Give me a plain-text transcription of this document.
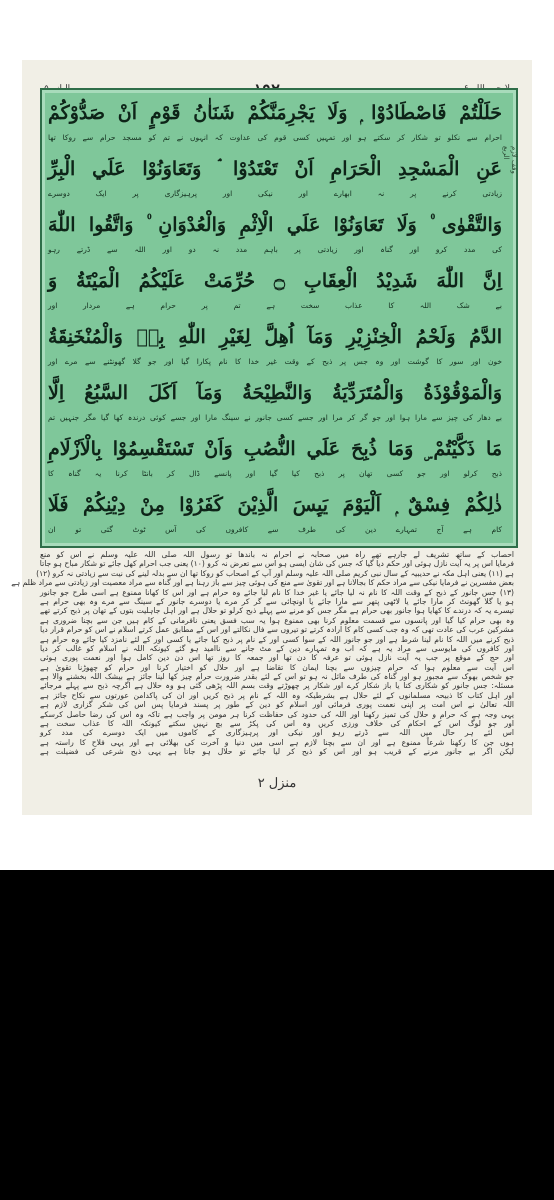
حَلَلْتُمْ فَاصْطَادُوْا ۭ وَلَا يَجْرِمَنَّكُمْ شَنَاٰنُ قَوْمٍ اَنْ صَدُّوْكُمْ
احرام سے نکلو تو شکار کر سکتے ہو اور تمہیں کسی قوم کی عداوت کہ انہوں نے تم کو مسجد حرام سے روکا تھا
عَنِ الْمَسْجِدِ الْحَرَامِ اَنْ تَعْتَدُوْا ۘ وَتَعَاوَنُوْا عَلَي الْبِرِّ
زیادتی کرنے پر نہ ابھارے اور نیکی اور پرہیزگاری پر ایک دوسرے
وَالتَّقْوٰى ۠ وَلَا تَعَاوَنُوْا عَلَي الْاِثْمِ وَالْعُدْوَانِ ۠ وَاتَّقُوا اللّٰهَ
کی مدد کرو اور گناہ اور زیادتی پر باہم مدد نہ دو اور اللہ سے ڈرتے رہو
اِنَّ اللّٰهَ شَدِيْدُ الْعِقَابِ ۝ حُرِّمَتْ عَلَيْكُمُ الْمَيْتَةُ وَ
بے شک اللہ کا عذاب سخت ہے تم پر حرام ہے مردار اور
الدَّمُ وَلَحْمُ الْخِنْزِيْرِ وَمَآ اُهِلَّ لِغَيْرِ اللّٰهِ بِهٖ وَالْمُنْخَنِقَةُ
خون اور سور کا گوشت اور وہ جس پر ذبح کے وقت غیر خدا کا نام پکارا گیا اور جو گلا گھونٹنے سے مرے اور
وَالْمَوْقُوْذَةُ وَالْمُتَرَدِّيَةُ وَالنَّطِيْحَةُ وَمَآ اَكَلَ السَّبُعُ اِلَّا
بے دھار کی چیز سے مارا ہوا اور جو گر کر مرا اور جسے کسی جانور نے سینگ مارا اور جسے کوئی درندہ کھا گیا مگر جنہیں تم
مَا ذَكَّيْتُمْ ۣ وَمَا ذُبِحَ عَلَي النُّصُبِ وَاَنْ تَسْتَقْسِمُوْا بِالْاَزْلَامِ
ذبح کرلو اور جو کسی تھان پر ذبح کیا گیا اور پانسے ڈال کر بانٹا کرنا یہ گناہ کا
ذٰلِكُمْ فِسْقٌ ۭ اَلْيَوْمَ يَىِٕسَ الَّذِيْنَ كَفَرُوْا مِنْ دِيْنِكُمْ فَلَا
کام ہے آج تمہارے دین کی طرف سے کافروں کی آس ٹوٹ گئی تو ان
وقف لازم
الربع
احصاب کے ساتھ تشریف لے جارہے تھے راہ میں صحابہ نے احرام نہ باندھا تو رسول اللہ صلی اللہ علیہ وسلم نے اس کو منع
فرمایا اس پر یہ آیت نازل ہوئی اور حکم دیا گیا کہ جس کی شان ایسی ہو اس سے تعرض نہ کرو (۱۰) یعنی جب احرام کھل جائے تو شکار مباح ہو جاتا
ہے (۱۱) یعنی اہل مکہ نے حدیبیہ کے سال نبی کریم صلی اللہ علیہ وسلم اور آپ کے اصحاب کو روکا تھا ان سے بدلہ لینے کی نیت سے زیادتی نہ کرو (۱۲)
بعض مفسرین نے فرمایا نیکی سے مراد حکم کا بجالانا ہے اور تقویٰ سے منع کی ہوئی چیز سے باز رہنا ہے اور گناہ سے مراد معصیت اور زیادتی سے مراد ظلم ہے
(۱۳) جس جانور کے ذبح کے وقت اللہ کا نام نہ لیا جائے یا غیر خدا کا نام لیا جائے وہ حرام ہے اور اس کا کھانا ممنوع ہے اسی طرح جو جانور
ہو یا گلا گھونٹ کر مارا جائے یا لاٹھی پتھر سے مارا جائے یا اونچائی سے گر کر مرے یا دوسرے جانور کے سینگ سے مرے وہ بھی حرام ہے
تیسرے یہ کہ درندے کا کھایا ہوا جانور بھی حرام ہے مگر جس کو مرنے سے پہلے ذبح کرلو تو حلال ہے اور اہل جاہلیت بتوں کے تھان پر ذبح کرتے تھے
وہ بھی حرام کیا گیا اور پانسوں سے قسمت معلوم کرنا بھی ممنوع ہوا یہ سب فسق یعنی نافرمانی کے کام ہیں جن سے بچنا ضروری ہے
مشرکین عرب کی عادت تھی کہ وہ جب کسی کام کا ارادہ کرتے تو تیروں سے فال نکالتے اور اس کے مطابق عمل کرتے اسلام نے اس کو حرام قرار دیا
ذبح کرنے میں اللہ کا نام لینا شرط ہے اور جو جانور اللہ کے سوا کسی اور کے نام پر ذبح کیا جائے یا کسی اور کے لئے نامزد کیا جائے وہ حرام ہے
اور کافروں کی مایوسی سے مراد یہ ہے کہ اب وہ تمہارے دین کے مٹ جانے سے ناامید ہو گئے کیونکہ اللہ نے اسلام کو غالب کر دیا
اور حج کے موقع پر جب یہ آیت نازل ہوئی تو عرفہ کا دن تھا اور جمعہ کا روز تھا اس دن دین کامل ہوا اور نعمت پوری ہوئی
اس آیت سے معلوم ہوا کہ حرام چیزوں سے بچنا ایمان کا تقاضا ہے اور حلال کو اختیار کرنا اور حرام کو چھوڑنا تقویٰ ہے
جو شخص بھوک سے مجبور ہو اور گناہ کی طرف مائل نہ ہو تو اس کے لئے بقدر ضرورت حرام چیز کھا لینا جائز ہے بیشک اللہ بخشنے والا ہے
مسئلہ: جس جانور کو شکاری کتا یا باز شکار کرے اور شکار پر چھوڑتے وقت بسم اللہ پڑھی گئی ہو وہ حلال ہے اگرچہ ذبح سے پہلے مرجائے
اور اہل کتاب کا ذبیحہ مسلمانوں کے لئے حلال ہے بشرطیکہ وہ اللہ کے نام پر ذبح کریں اور ان کی پاکدامن عورتوں سے نکاح جائز ہے
اللہ تعالیٰ نے اس امت پر اپنی نعمت پوری فرمائی اور اسلام کو دین کے طور پر پسند فرمایا پس اس کی شکر گزاری لازم ہے
یہی وجہ ہے کہ حرام و حلال کی تمیز رکھنا اور اللہ کی حدود کی حفاظت کرنا ہر مومن پر واجب ہے تاکہ وہ اس کی رضا حاصل کرسکے
اور جو لوگ اس کے احکام کی خلاف ورزی کریں وہ اس کی پکڑ سے بچ نہیں سکتے کیونکہ اللہ کا عذاب سخت ہے
اس لئے ہر حال میں اللہ سے ڈرتے رہو اور نیکی اور پرہیزگاری کے کاموں میں ایک دوسرے کی مدد کرو
ہوں جن کا رکھنا شرعاً ممنوع ہے اور ان سے بچنا لازم ہے اسی میں دنیا و آخرت کی بھلائی ہے اور یہی فلاح کا راستہ ہے
لیکن اگر بے جانور مرنے کے قریب ہو اور اس کو ذبح کر لیا جائے تو حلال ہو جاتا ہے یہی ذبح شرعی کی فضیلت ہے
منزل ۲
